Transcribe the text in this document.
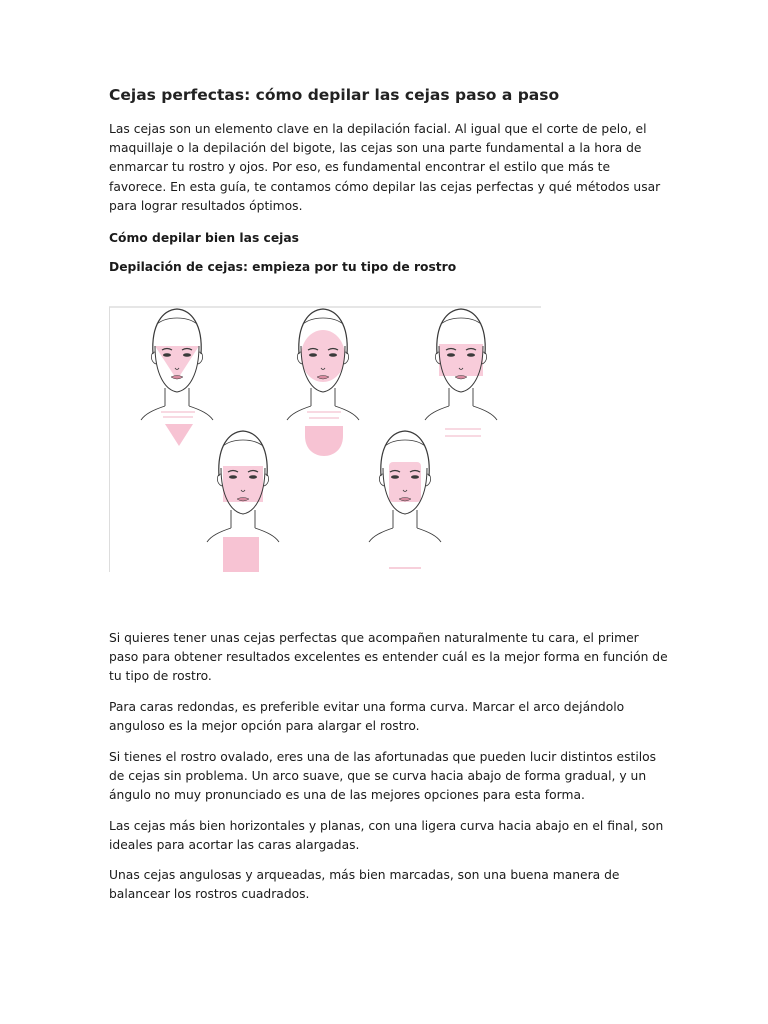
Cejas perfectas: cómo depilar las cejas paso a paso
Las cejas son un elemento clave en la depilación facial. Al igual que el corte de pelo, el maquillaje o la depilación del bigote, las cejas son una parte fundamental a la hora de enmarcar tu rostro y ojos. Por eso, es fundamental encontrar el estilo que más te favorece. En esta guía, te contamos cómo depilar las cejas perfectas y qué métodos usar para lograr resultados óptimos.
Cómo depilar bien las cejas
Depilación de cejas: empieza por tu tipo de rostro
Si quieres tener unas cejas perfectas que acompañen naturalmente tu cara, el primer paso para obtener resultados excelentes es entender cuál es la mejor forma en función de tu tipo de rostro.
Para caras redondas, es preferible evitar una forma curva. Marcar el arco dejándolo anguloso es la mejor opción para alargar el rostro.
Si tienes el rostro ovalado, eres una de las afortunadas que pueden lucir distintos estilos de cejas sin problema. Un arco suave, que se curva hacia abajo de forma gradual, y un ángulo no muy pronunciado es una de las mejores opciones para esta forma.
Las cejas más bien horizontales y planas, con una ligera curva hacia abajo en el final, son ideales para acortar las caras alargadas.
Unas cejas angulosas y arqueadas, más bien marcadas, son una buena manera de balancear los rostros cuadrados.
